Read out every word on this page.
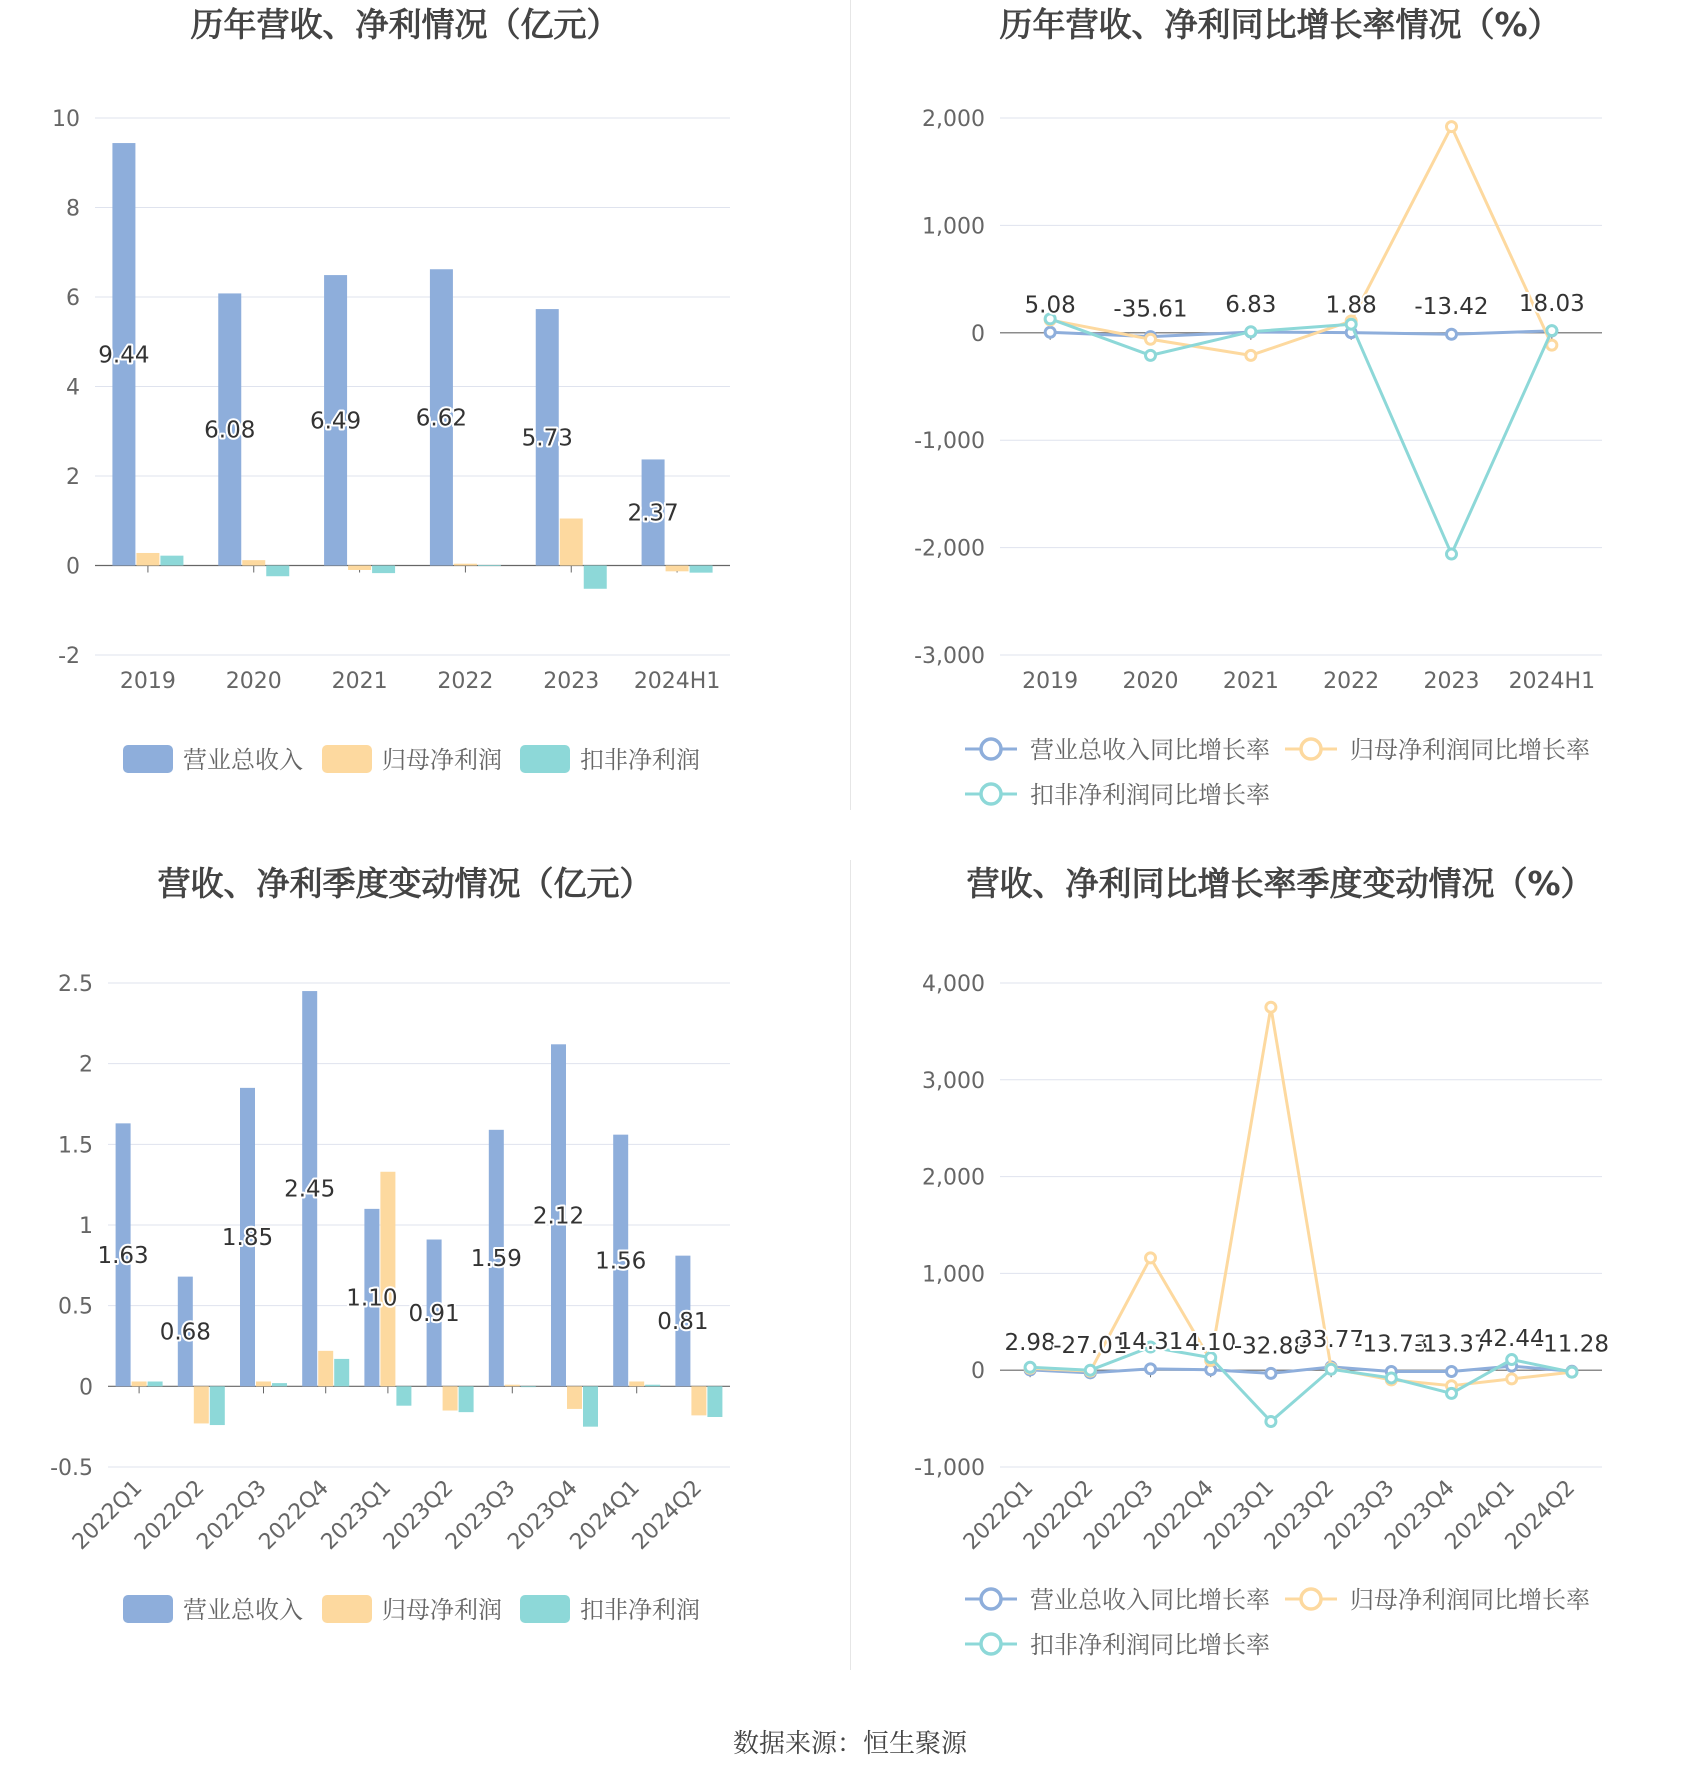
历年营收、净利情况（亿元）
-2
0
2
4
6
8
10
2019 2020 2021 2022 2023 2024H1
9.44
6.08 6.49 6.62
5.73
2.37
营业总收入	归母净利润	扣非净利润
历年营收、净利同比增长率情况（%）
-3,000
-2,000
-1,000
0
1,000
2,000
2019 2020 2021 2022 2023 2024H1
5.08 -35.61 6.83 1.88 -13.42 18.03
营业总收入同比增长率	归母净利润同比增长率
扣非净利润同比增长率
营收、净利季度变动情况（亿元）
-0.5
0
0.5
1
1.5
2
2.5
2022Q1
2022Q2
2022Q3
2022Q4
2023Q1
2023Q2
2023Q3
2023Q4
2024Q1
2024Q2
1.63
0.68
1.85
2.45
1.10
0.91
1.59
2.12
1.56
0.81
营业总收入	归母净利润	扣非净利润
营收、净利同比增长率季度变动情况（%）
-1,000
0
1,000
2,000
3,000
4,000
2022Q1
2022Q2
2022Q3
2022Q4
2023Q1
2023Q2
2023Q3
2023Q4
2024Q1
2024Q2
2.98
-27.01
14.31 4.10
-32.88
33.77
-13.73
-13.37
42.44
-11.28
营业总收入同比增长率	归母净利润同比增长率
扣非净利润同比增长率
数据来源：恒生聚源
